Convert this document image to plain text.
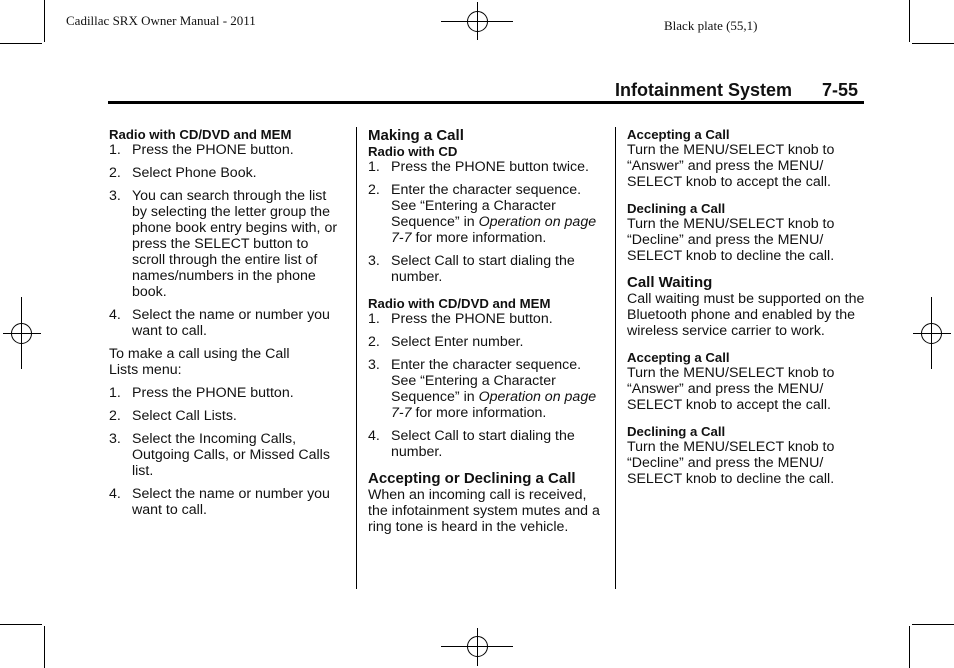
Cadillac SRX Owner Manual - 2011	Black plate (55,1)
Infotainment System 7-55

Radio with CD/DVD and MEM

1. Press the PHONE button.
2. Select Phone Book.
3. You can search through the list by selecting the letter group the phone book entry begins with, or press the SELECT button to scroll through the entire list of names/numbers in the phone book.
4. Select the name or number you want to call.

To make a call using the Call Lists menu:

1. Press the PHONE button.
2. Select Call Lists.
3. Select the Incoming Calls, Outgoing Calls, or Missed Calls list.
4. Select the name or number you want to call.

Making a Call

Radio with CD

1. Press the PHONE button twice.
2. Enter the character sequence. See “Entering a Character Sequence” in Operation on page 7-7 for more information.
3. Select Call to start dialing the number.

Radio with CD/DVD and MEM

1. Press the PHONE button.
2. Select Enter number.
3. Enter the character sequence. See “Entering a Character Sequence” in Operation on page 7-7 for more information.
4. Select Call to start dialing the number.

Accepting or Declining a Call

When an incoming call is received, the infotainment system mutes and a ring tone is heard in the vehicle.

Accepting a Call

Turn the MENU/SELECT knob to “Answer” and press the MENU/ SELECT knob to accept the call.

Declining a Call

Turn the MENU/SELECT knob to “Decline” and press the MENU/ SELECT knob to decline the call.

Call Waiting

Call waiting must be supported on the Bluetooth phone and enabled by the wireless service carrier to work.

Accepting a Call

Turn the MENU/SELECT knob to “Answer” and press the MENU/ SELECT knob to accept the call.

Declining a Call

Turn the MENU/SELECT knob to “Decline” and press the MENU/ SELECT knob to decline the call.
